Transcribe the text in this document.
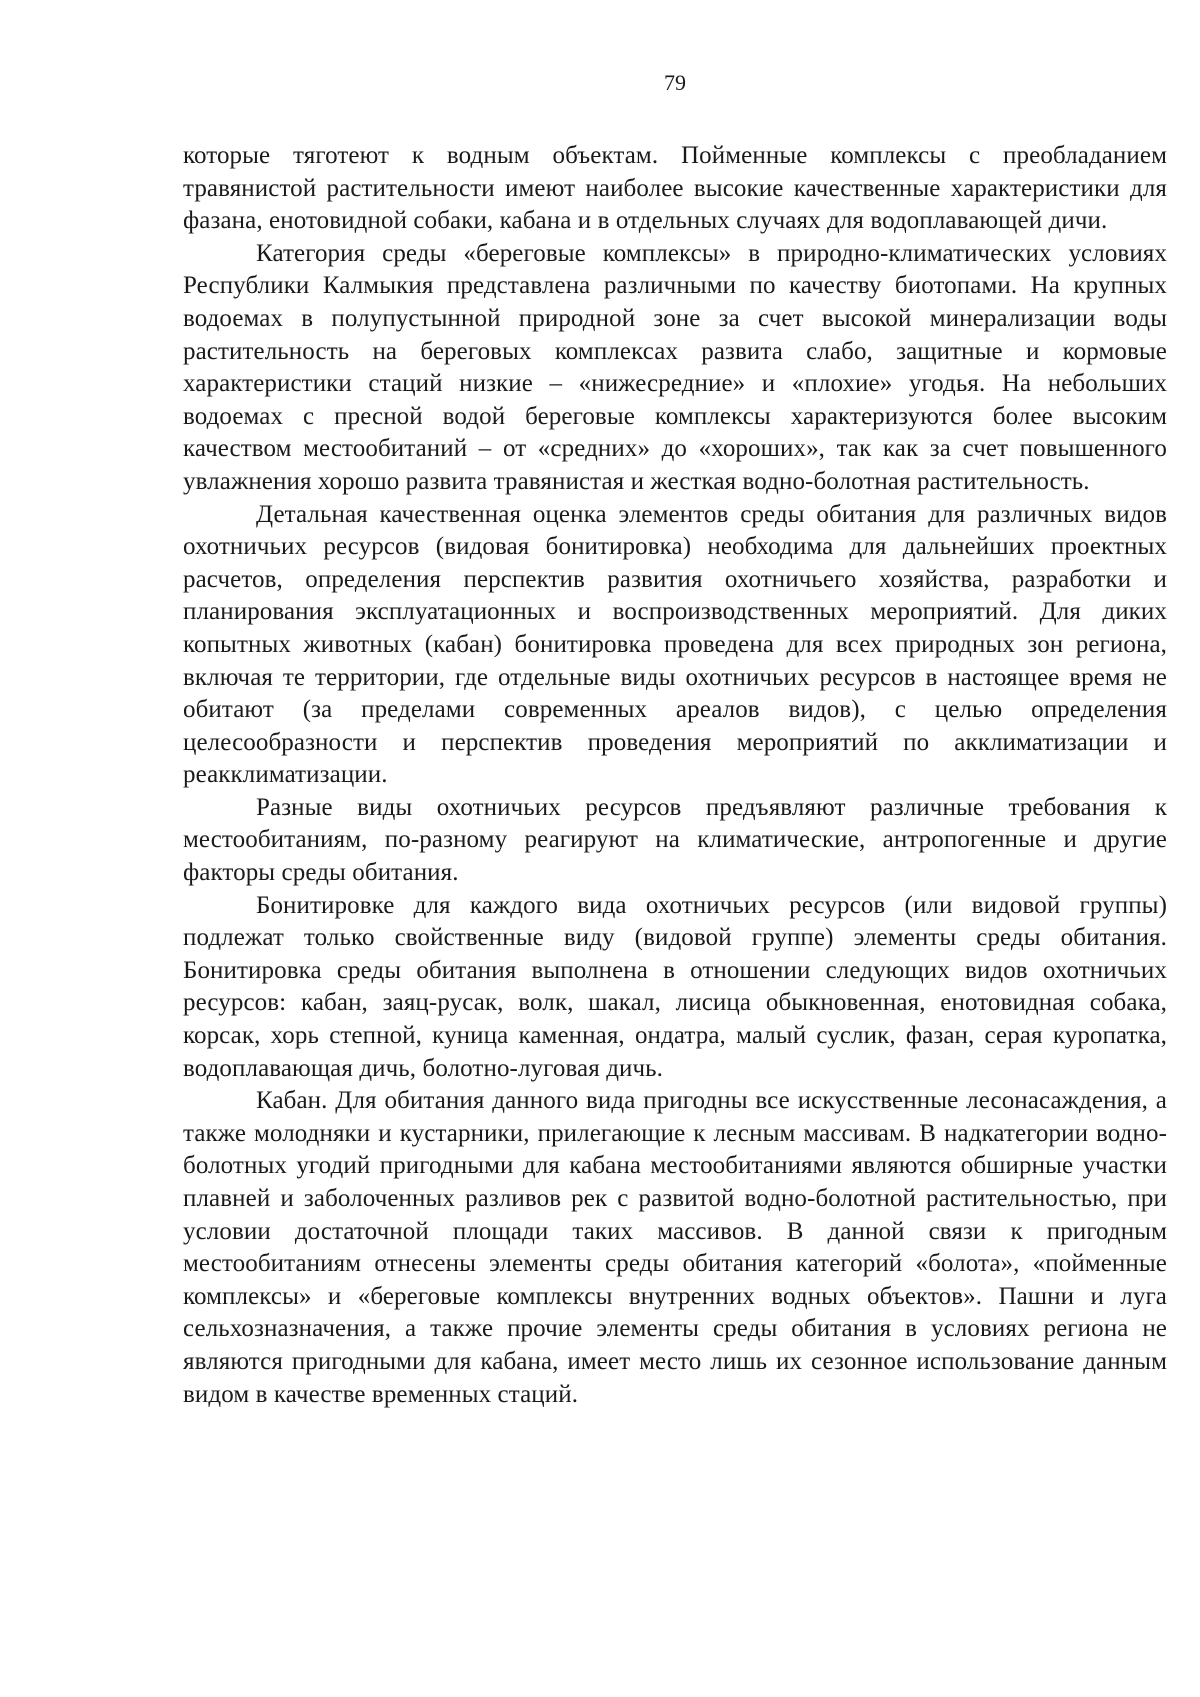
79

которые тяготеют к водным объектам. Пойменные комплексы с преобладанием травянистой растительности имеют наиболее высокие качественные характеристики для фазана, енотовидной собаки, кабана и в отдельных случаях для водоплавающей дичи.

Категория среды «береговые комплексы» в природно-климатических условиях Республики Калмыкия представлена различными по качеству биотопами. На крупных водоемах в полупустынной природной зоне за счет высокой минерализации воды растительность на береговых комплексах развита слабо, защитные и кормовые характеристики стаций низкие – «нижесредние» и «плохие» угодья. На небольших водоемах с пресной водой береговые комплексы характеризуются более высоким качеством местообитаний – от «средних» до «хороших», так как за счет повышенного увлажнения хорошо развита травянистая и жесткая водно-болотная растительность.

Детальная качественная оценка элементов среды обитания для различных видов охотничьих ресурсов (видовая бонитировка) необходима для дальнейших проектных расчетов, определения перспектив развития охотничьего хозяйства, разработки и планирования эксплуатационных и воспроизводственных мероприятий. Для диких копытных животных (кабан) бонитировка проведена для всех природных зон региона, включая те территории, где отдельные виды охотничьих ресурсов в настоящее время не обитают (за пределами современных ареалов видов), с целью определения целесообразности и перспектив проведения мероприятий по акклиматизации и реакклиматизации.

Разные виды охотничьих ресурсов предъявляют различные требования к местообитаниям, по-разному реагируют на климатические, антропогенные и другие факторы среды обитания.

Бонитировке для каждого вида охотничьих ресурсов (или видовой группы) подлежат только свойственные виду (видовой группе) элементы среды обитания. Бонитировка среды обитания выполнена в отношении следующих видов охотничьих ресурсов: кабан, заяц-русак, волк, шакал, лисица обыкновенная, енотовидная собака, корсак, хорь степной, куница каменная, ондатра, малый суслик, фазан, серая куропатка, водоплавающая дичь, болотно-луговая дичь.

Кабан. Для обитания данного вида пригодны все искусственные лесонасаждения, а также молодняки и кустарники, прилегающие к лесным массивам. В надкатегории водно-болотных угодий пригодными для кабана местообитаниями являются обширные участки плавней и заболоченных разливов рек с развитой водно-болотной растительностью, при условии достаточной площади таких массивов. В данной связи к пригодным местообитаниям отнесены элементы среды обитания категорий «болота», «пойменные комплексы» и «береговые комплексы внутренних водных объектов». Пашни и луга сельхозназначения, а также прочие элементы среды обитания в условиях региона не являются пригодными для кабана, имеет место лишь их сезонное использование данным видом в качестве временных стаций.
